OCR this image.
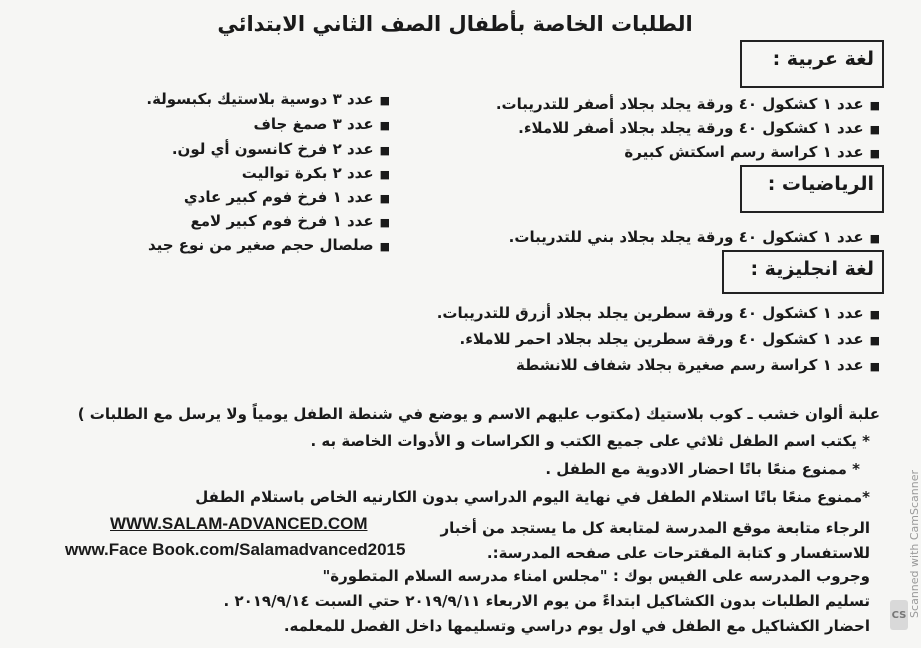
الطلبات الخاصة بأطفال الصف الثاني الابتدائي
لغة عربية :
■عدد ١ كشكول ٤٠ ورقة يجلد بجلاد أصفر للتدريبات.
■عدد ١ كشكول ٤٠ ورقة يجلد بجلاد أصفر للاملاء.
■عدد ١ كراسة رسم اسكتش كبيرة
الرياضيات :
■عدد ١ كشكول ٤٠ ورقة يجلد بجلاد بني للتدريبات.
لغة انجليزية :
■عدد ١ كشكول ٤٠ ورقة سطرين يجلد بجلاد أزرق للتدريبات.
■عدد ١ كشكول ٤٠ ورقة سطرين يجلد بجلاد احمر للاملاء.
■عدد ١ كراسة رسم صغيرة بجلاد شفاف للانشطة
■عدد ٣ دوسية بلاستيك بكبسولة.
■عدد ٣ صمغ جاف
■عدد ٢ فرخ كانسون أي لون.
■عدد ٢ بكرة تواليت
■عدد ١ فرخ فوم كبير عادي
■عدد ١ فرخ فوم كبير لامع
■صلصال حجم صغير من نوع جيد
علبة ألوان خشب ـ كوب بلاستيك (مكتوب عليهم الاسم و يوضع في شنطة الطفل يومياً ولا يرسل مع الطلبات )
* يكتب اسم الطفل ثلاثي على جميع الكتب و الكراسات و الأدوات الخاصة به .
* ممنوع منعًا باتًا احضار الادوية مع الطفل .
*ممنوع منعًا باتًا استلام الطفل في نهاية اليوم الدراسي بدون الكارنيه الخاص باستلام الطفل
الرجاء متابعة موقع المدرسة لمتابعة كل ما يستجد من أخبار
WWW.SALAM-ADVANCED.COM
للاستفسار و كتابة المقترحات على صفحه المدرسة:.
www.Face Book.com/Salamadvanced2015
وجروب المدرسه على الفيس بوك : "مجلس امناء مدرسه السلام المتطورة"
تسليم الطلبات بدون الكشاكيل ابتداءً من يوم الاربعاء ٢٠١٩/٩/١١ حتي السبت ٢٠١٩/٩/١٤ .
احضار الكشاكيل مع الطفل في اول يوم دراسي وتسليمها داخل الفصل للمعلمه.
Scanned with CamScanner
CS
